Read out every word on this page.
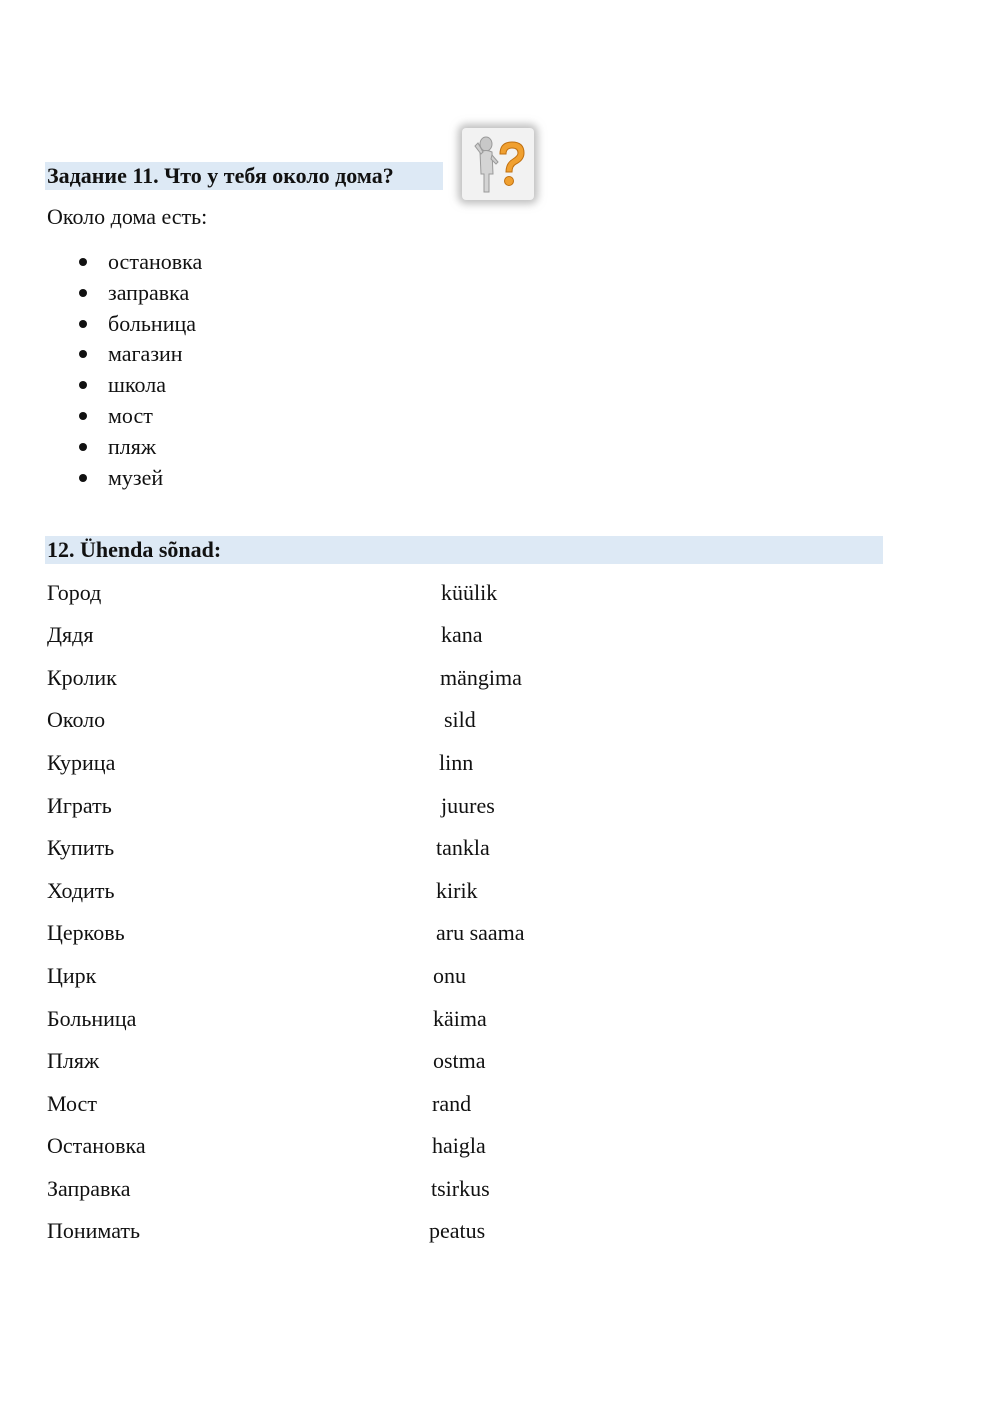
Задание 11. Что у тебя около дома?
Около дома есть:
остановка
заправка
больница
магазин
школа
мост
пляж
музей
12. Ühenda sõnad:
Город
Дядя
Кролик
Около
Курица
Играть
Купить
Ходить
Церковь
Цирк
Больница
Пляж
Мост
Остановка
Заправка
Понимать
küülik
kana
mängima
sild
linn
juures
tankla
kirik
aru saama
onu
käima
ostma
rand
haigla
tsirkus
peatus
